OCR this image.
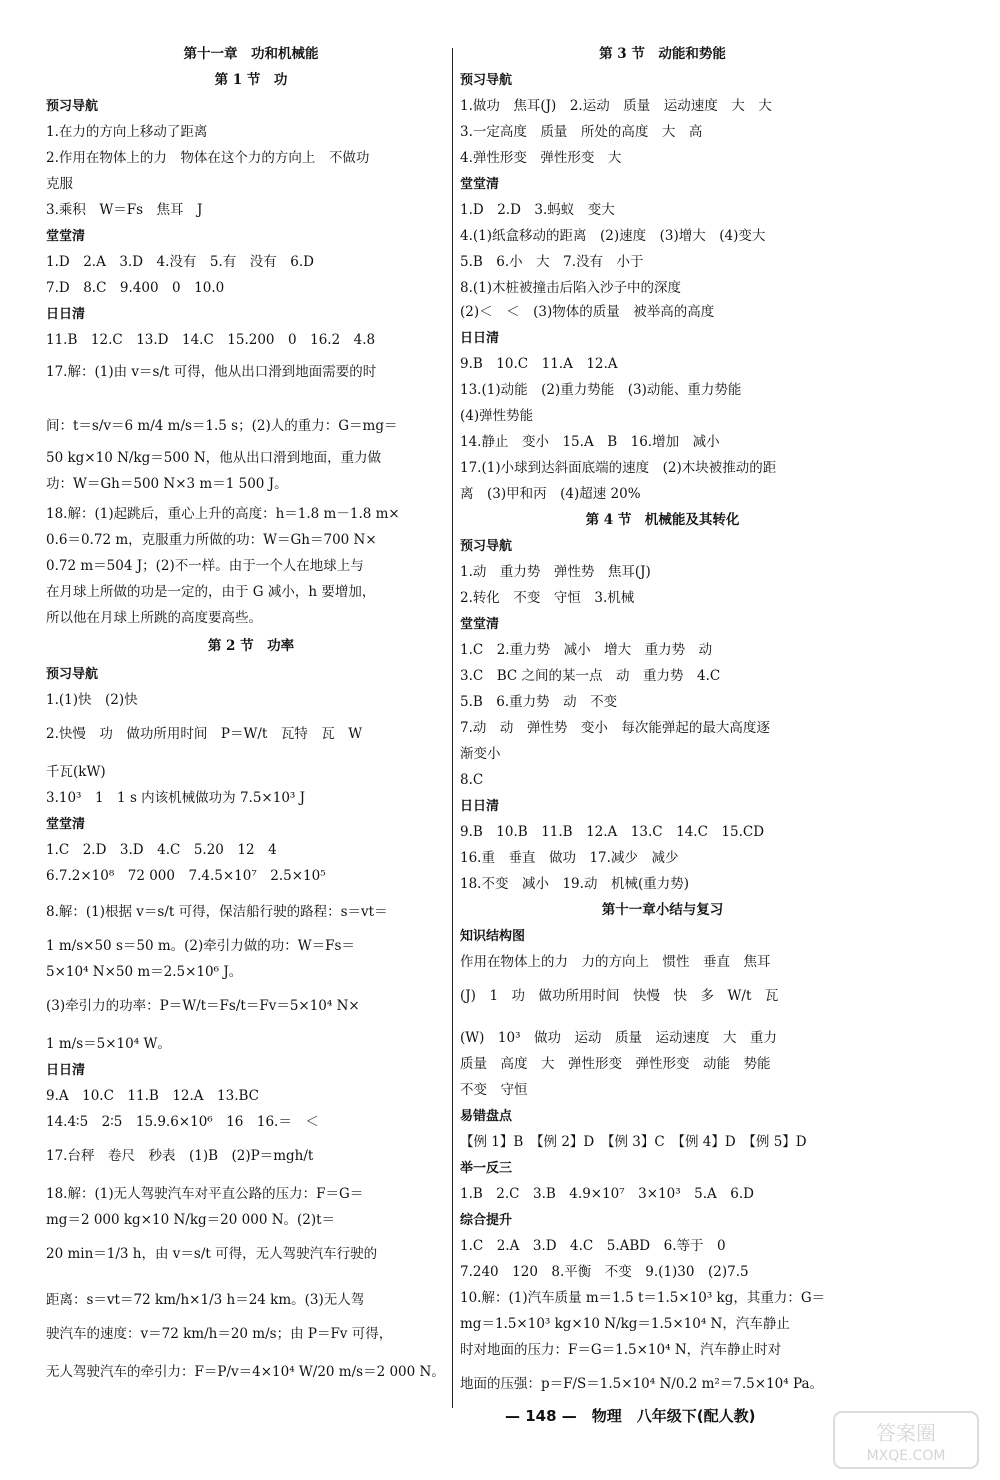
第十一章　功和机械能
第 1 节　功
预习导航
1.在力的方向上移动了距离
2.作用在物体上的力　物体在这个力的方向上　不做功
克服
3.乘积　W＝Fs　焦耳　J
堂堂清
1.D　2.A　3.D　4.没有　5.有　没有　6.D
7.D　8.C　9.400　0　10.0
日日清
11.B　12.C　13.D　14.C　15.200　0　16.2　4.8
17.解：(1)由 v＝s/t 可得，他从出口滑到地面需要的时
间：t＝s/v＝6 m/4 m/s＝1.5 s；(2)人的重力：G＝mg＝
50 kg×10 N/kg＝500 N，他从出口滑到地面，重力做
功：W＝Gh＝500 N×3 m＝1 500 J。
18.解：(1)起跳后，重心上升的高度：h＝1.8 m－1.8 m×
0.6＝0.72 m，克服重力所做的功：W＝Gh＝700 N×
0.72 m＝504 J；(2)不一样。由于一个人在地球上与
在月球上所做的功是一定的，由于 G 减小，h 要增加，
所以他在月球上所跳的高度要高些。
第 2 节　功率
预习导航
1.(1)快　(2)快
2.快慢　功　做功所用时间　P＝W/t　瓦特　瓦　W
千瓦(kW)
3.10³　1　1 s 内该机械做功为 7.5×10³ J
堂堂清
1.C　2.D　3.D　4.C　5.20　12　4
6.7.2×10⁸　72 000　7.4.5×10⁷　2.5×10⁵
8.解：(1)根据 v＝s/t 可得，保洁船行驶的路程：s＝vt＝
1 m/s×50 s＝50 m。(2)牵引力做的功：W＝Fs＝
5×10⁴ N×50 m＝2.5×10⁶ J。
(3)牵引力的功率：P＝W/t＝Fs/t＝Fv＝5×10⁴ N×
1 m/s＝5×10⁴ W。
日日清
9.A　10.C　11.B　12.A　13.BC
14.4∶5　2∶5　15.9.6×10⁶　16　16.＝　＜
17.台秤　卷尺　秒表　(1)B　(2)P＝mgh/t
18.解：(1)无人驾驶汽车对平直公路的压力：F＝G＝
mg＝2 000 kg×10 N/kg＝20 000 N。(2)t＝
20 min＝1/3 h，由 v＝s/t 可得，无人驾驶汽车行驶的
距离：s＝vt＝72 km/h×1/3 h＝24 km。(3)无人驾
驶汽车的速度：v＝72 km/h＝20 m/s；由 P＝Fv 可得，
无人驾驶汽车的牵引力：F＝P/v＝4×10⁴ W/20 m/s＝2 000 N。
第 3 节　动能和势能
预习导航
1.做功　焦耳(J)　2.运动　质量　运动速度　大　大
3.一定高度　质量　所处的高度　大　高
4.弹性形变　弹性形变　大
堂堂清
1.D　2.D　3.蚂蚁　变大
4.(1)纸盒移动的距离　(2)速度　(3)增大　(4)变大
5.B　6.小　大　7.没有　小于
8.(1)木桩被撞击后陷入沙子中的深度
(2)＜　＜　(3)物体的质量　被举高的高度
日日清
9.B　10.C　11.A　12.A
13.(1)动能　(2)重力势能　(3)动能、重力势能
(4)弹性势能
14.静止　变小　15.A　B　16.增加　减小
17.(1)小球到达斜面底端的速度　(2)木块被推动的距
离　(3)甲和丙　(4)超速 20%
第 4 节　机械能及其转化
预习导航
1.动　重力势　弹性势　焦耳(J)
2.转化　不变　守恒　3.机械
堂堂清
1.C　2.重力势　减小　增大　重力势　动
3.C　BC 之间的某一点　动　重力势　4.C
5.B　6.重力势　动　不变
7.动　动　弹性势　变小　每次能弹起的最大高度逐
渐变小
8.C
日日清
9.B　10.B　11.B　12.A　13.C　14.C　15.CD
16.重　垂直　做功　17.减少　减少
18.不变　减小　19.动　机械(重力势)
第十一章小结与复习
知识结构图
作用在物体上的力　力的方向上　惯性　垂直　焦耳
(J)　1　功　做功所用时间　快慢　快　多　W/t　瓦
(W)　10³　做功　运动　质量　运动速度　大　重力
质量　高度　大　弹性形变　弹性形变　动能　势能
不变　守恒
易错盘点
【例 1】B　【例 2】D　【例 3】C　【例 4】D　【例 5】D
举一反三
1.B　2.C　3.B　4.9×10⁷　3×10³　5.A　6.D
综合提升
1.C　2.A　3.D　4.C　5.ABD　6.等于　0
7.240　120　8.平衡　不变　9.(1)30　(2)7.5
10.解：(1)汽车质量 m＝1.5 t＝1.5×10³ kg，其重力：G＝
mg＝1.5×10³ kg×10 N/kg＝1.5×10⁴ N，汽车静止
时对地面的压力：F＝G＝1.5×10⁴ N，汽车静止时对
地面的压强：p＝F/S＝1.5×10⁴ N/0.2 m²＝7.5×10⁴ Pa。
— 148 —　物理　八年级下(配人教)
答案圈
MXQE.COM
